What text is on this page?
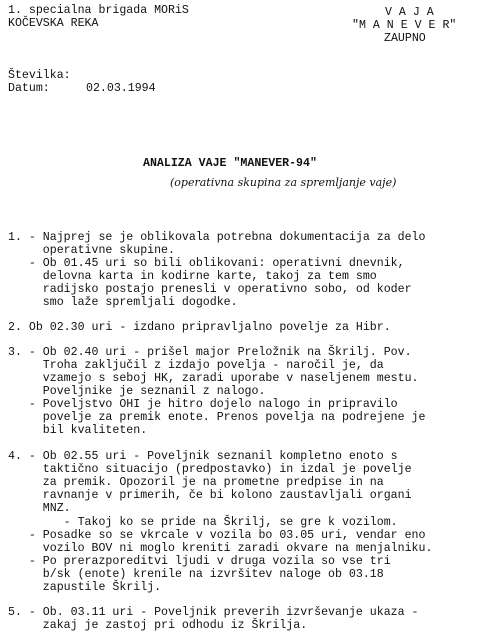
1. specialna brigada MORiS
KOČEVSKA REKA
V A J A
"M A N E V E R"
ZAUPNO
Številka:
Datum:	02.03.1994
ANALIZA VAJE "MANEVER-94"
(operativna skupina za spremljanje vaje)
1. - Najprej se je oblikovala potrebna dokumentacija za delo
operativne skupine.
- Ob 01.45 uri so bili oblikovani: operativni dnevnik,
delovna karta in kodirne karte, takoj za tem smo
radijsko postajo prenesli v operativno sobo, od koder
smo laže spremljali dogodke.
2. Ob 02.30 uri - izdano pripravljalno povelje za Hibr.
3. - Ob 02.40 uri - prišel major Preložnik na Škrilj. Pov.
Troha zaključil z izdajo povelja - naročil je, da
vzamejo s seboj HK, zaradi uporabe v naseljenem mestu.
Poveljnike je seznanil z nalogo.
- Poveljstvo OHI je hitro dojelo nalogo in pripravilo
povelje za premik enote. Prenos povelja na podrejene je
bil kvaliteten.
4. - Ob 02.55 uri - Poveljnik seznanil kompletno enoto s
taktično situacijo (predpostavko) in izdal je povelje
za premik. Opozoril je na prometne predpise in na
ravnanje v primerih, če bi kolono zaustavljali organi
MNZ.
- Takoj ko se pride na Škrilj, se gre k vozilom.
- Posadke so se vkrcale v vozila bo 03.05 uri, vendar eno
vozilo BOV ni moglo kreniti zaradi okvare na menjalniku.
- Po prerazporeditvi ljudi v druga vozila so vse tri
b/sk (enote) krenile na izvršitev naloge ob 03.18
zapustile Škrilj.
5. - Ob. 03.11 uri - Poveljnik preverih izvrševanje ukaza -
zakaj je zastoj pri odhodu iz Škrilja.
